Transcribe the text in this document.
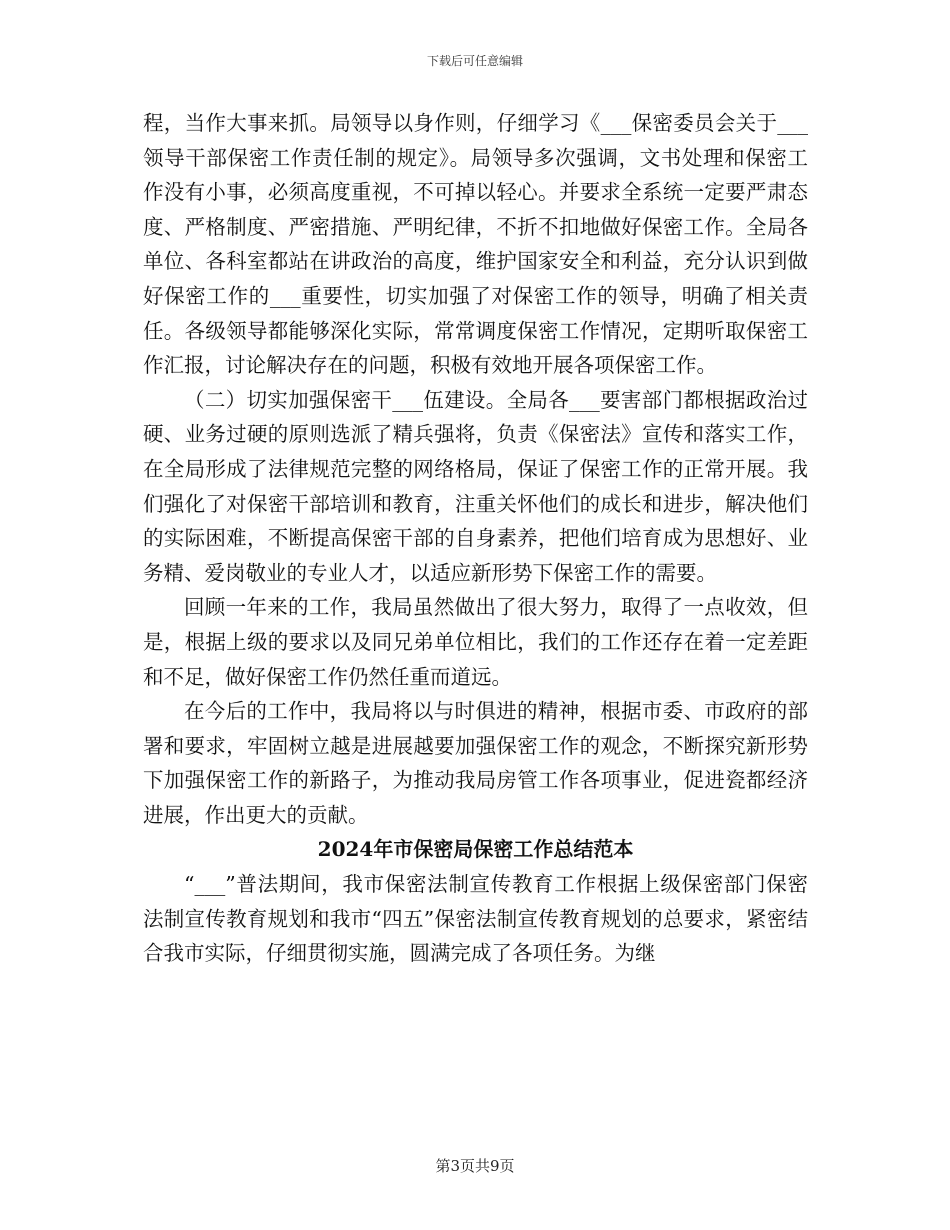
下载后可任意编辑

程，当作大事来抓。局领导以身作则，仔细学习《___保密委员会关于___领导干部保密工作责任制的规定》。局领导多次强调，文书处理和保密工作没有小事，必须高度重视，不可掉以轻心。并要求全系统一定要严肃态度、严格制度、严密措施、严明纪律，不折不扣地做好保密工作。全局各单位、各科室都站在讲政治的高度，维护国家安全和利益，充分认识到做好保密工作的___重要性，切实加强了对保密工作的领导，明确了相关责任。各级领导都能够深化实际，常常调度保密工作情况，定期听取保密工作汇报，讨论解决存在的问题，积极有效地开展各项保密工作。

（二）切实加强保密干___伍建设。全局各___要害部门都根据政治过硬、业务过硬的原则选派了精兵强将，负责《保密法》宣传和落实工作，在全局形成了法律规范完整的网络格局，保证了保密工作的正常开展。我们强化了对保密干部培训和教育，注重关怀他们的成长和进步，解决他们的实际困难，不断提高保密干部的自身素养，把他们培育成为思想好、业务精、爱岗敬业的专业人才，以适应新形势下保密工作的需要。

回顾一年来的工作，我局虽然做出了很大努力，取得了一点收效，但是，根据上级的要求以及同兄弟单位相比，我们的工作还存在着一定差距和不足，做好保密工作仍然任重而道远。

在今后的工作中，我局将以与时俱进的精神，根据市委、市政府的部署和要求，牢固树立越是进展越要加强保密工作的观念，不断探究新形势下加强保密工作的新路子，为推动我局房管工作各项事业，促进瓷都经济进展，作出更大的贡献。

2024年市保密局保密工作总结范本

“___”普法期间，我市保密法制宣传教育工作根据上级保密部门保密法制宣传教育规划和我市“四五”保密法制宣传教育规划的总要求，紧密结合我市实际，仔细贯彻实施，圆满完成了各项任务。为继

第3页共9页
